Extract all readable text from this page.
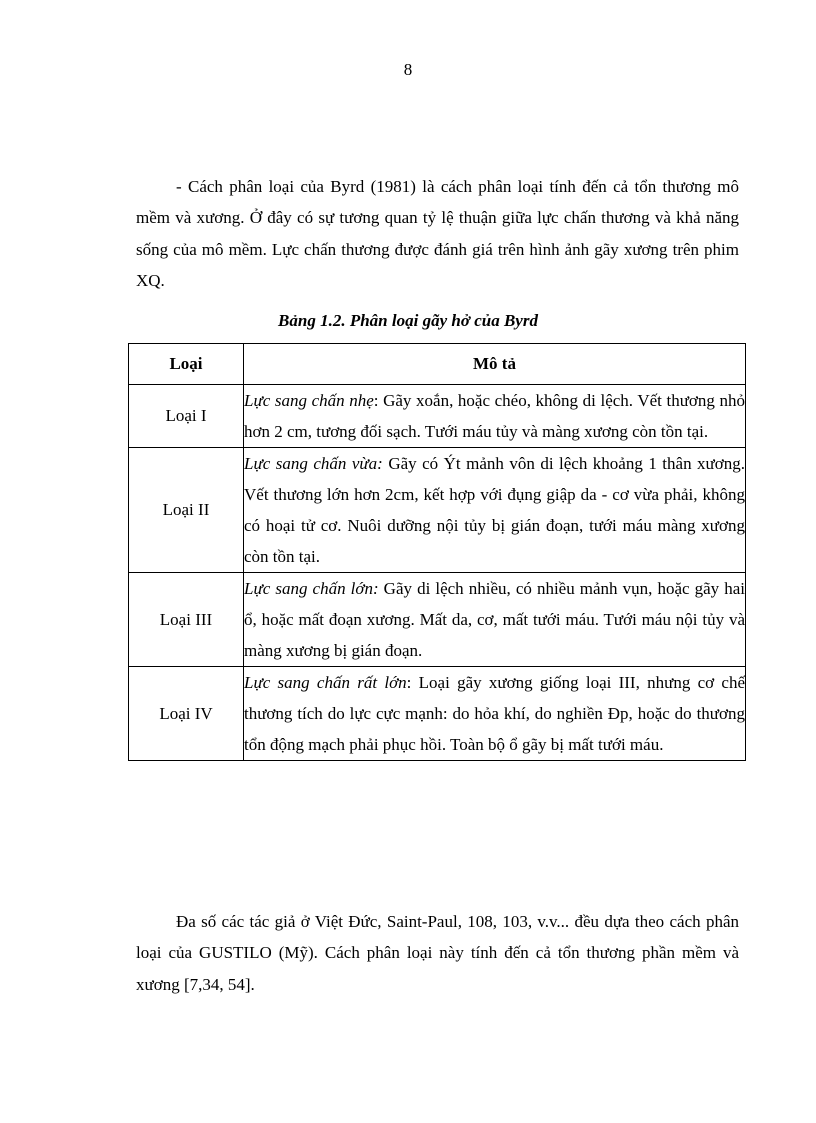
8

- Cách phân loại của Byrd (1981) là cách phân loại tính đến cả tổn thương mô mềm và xương. Ở đây có sự tương quan tỷ lệ thuận giữa lực chấn thương và khả năng sống của mô mềm. Lực chấn thương được đánh giá trên hình ảnh gãy xương trên phim XQ.

Bảng 1.2. Phân loại gãy hở của Byrd
Loại	Mô tả
Loại I	Lực sang chấn nhẹ: Gãy xoắn, hoặc chéo, không di lệch. Vết thương nhỏ hơn 2 cm, tương đối sạch. Tưới máu tủy và màng xương còn tồn tại.
Loại II	Lực sang chấn vừa: Gãy có Ýt mảnh vôn di lệch khoảng 1 thân xương. Vết thương lớn hơn 2cm, kết hợp với đụng giập da - cơ vừa phải, không có hoại tử cơ. Nuôi dưỡng nội tủy bị gián đoạn, tưới máu màng xương còn tồn tại.
Loại III	Lực sang chấn lớn: Gãy di lệch nhiều, có nhiều mảnh vụn, hoặc gãy hai ổ, hoặc mất đoạn xương. Mất da, cơ, mất tưới máu. Tưới máu nội tủy và màng xương bị gián đoạn.
Loại IV	Lực sang chấn rất lớn: Loại gãy xương giống loại III, nhưng cơ chế thương tích do lực cực mạnh: do hỏa khí, do nghiền Đp, hoặc do thương tổn động mạch phải phục hồi. Toàn bộ ổ gãy bị mất tưới máu.

Đa số các tác giả ở Việt Đức, Saint-Paul, 108, 103, v.v... đều dựa theo cách phân loại của GUSTILO (Mỹ). Cách phân loại này tính đến cả tổn thương phần mềm và xương [7,34, 54].
